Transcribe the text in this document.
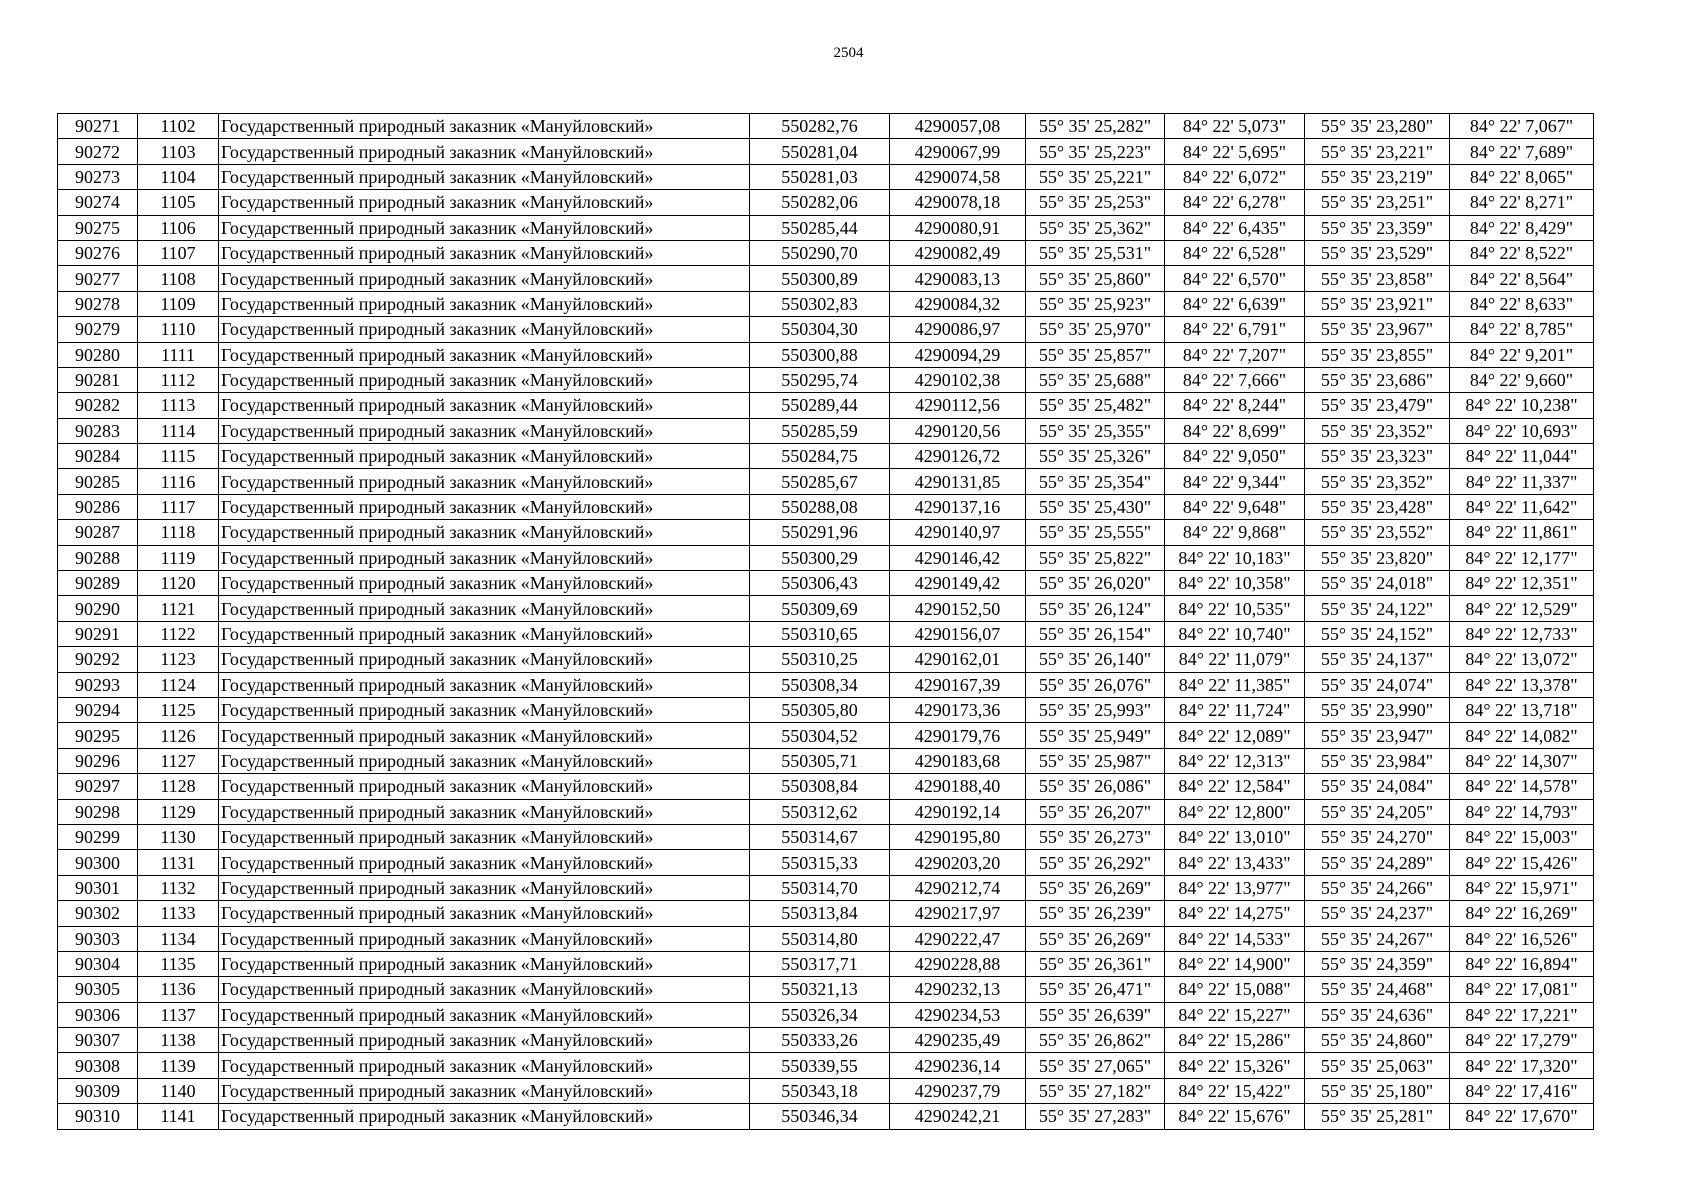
2504
90271	1102	Государственный природный заказник «Мануйловский»	550282,76	4290057,08	55° 35' 25,282"	84° 22' 5,073"	55° 35' 23,280"	84° 22' 7,067"
90272	1103	Государственный природный заказник «Мануйловский»	550281,04	4290067,99	55° 35' 25,223"	84° 22' 5,695"	55° 35' 23,221"	84° 22' 7,689"
90273	1104	Государственный природный заказник «Мануйловский»	550281,03	4290074,58	55° 35' 25,221"	84° 22' 6,072"	55° 35' 23,219"	84° 22' 8,065"
90274	1105	Государственный природный заказник «Мануйловский»	550282,06	4290078,18	55° 35' 25,253"	84° 22' 6,278"	55° 35' 23,251"	84° 22' 8,271"
90275	1106	Государственный природный заказник «Мануйловский»	550285,44	4290080,91	55° 35' 25,362"	84° 22' 6,435"	55° 35' 23,359"	84° 22' 8,429"
90276	1107	Государственный природный заказник «Мануйловский»	550290,70	4290082,49	55° 35' 25,531"	84° 22' 6,528"	55° 35' 23,529"	84° 22' 8,522"
90277	1108	Государственный природный заказник «Мануйловский»	550300,89	4290083,13	55° 35' 25,860"	84° 22' 6,570"	55° 35' 23,858"	84° 22' 8,564"
90278	1109	Государственный природный заказник «Мануйловский»	550302,83	4290084,32	55° 35' 25,923"	84° 22' 6,639"	55° 35' 23,921"	84° 22' 8,633"
90279	1110	Государственный природный заказник «Мануйловский»	550304,30	4290086,97	55° 35' 25,970"	84° 22' 6,791"	55° 35' 23,967"	84° 22' 8,785"
90280	1111	Государственный природный заказник «Мануйловский»	550300,88	4290094,29	55° 35' 25,857"	84° 22' 7,207"	55° 35' 23,855"	84° 22' 9,201"
90281	1112	Государственный природный заказник «Мануйловский»	550295,74	4290102,38	55° 35' 25,688"	84° 22' 7,666"	55° 35' 23,686"	84° 22' 9,660"
90282	1113	Государственный природный заказник «Мануйловский»	550289,44	4290112,56	55° 35' 25,482"	84° 22' 8,244"	55° 35' 23,479"	84° 22' 10,238"
90283	1114	Государственный природный заказник «Мануйловский»	550285,59	4290120,56	55° 35' 25,355"	84° 22' 8,699"	55° 35' 23,352"	84° 22' 10,693"
90284	1115	Государственный природный заказник «Мануйловский»	550284,75	4290126,72	55° 35' 25,326"	84° 22' 9,050"	55° 35' 23,323"	84° 22' 11,044"
90285	1116	Государственный природный заказник «Мануйловский»	550285,67	4290131,85	55° 35' 25,354"	84° 22' 9,344"	55° 35' 23,352"	84° 22' 11,337"
90286	1117	Государственный природный заказник «Мануйловский»	550288,08	4290137,16	55° 35' 25,430"	84° 22' 9,648"	55° 35' 23,428"	84° 22' 11,642"
90287	1118	Государственный природный заказник «Мануйловский»	550291,96	4290140,97	55° 35' 25,555"	84° 22' 9,868"	55° 35' 23,552"	84° 22' 11,861"
90288	1119	Государственный природный заказник «Мануйловский»	550300,29	4290146,42	55° 35' 25,822"	84° 22' 10,183"	55° 35' 23,820"	84° 22' 12,177"
90289	1120	Государственный природный заказник «Мануйловский»	550306,43	4290149,42	55° 35' 26,020"	84° 22' 10,358"	55° 35' 24,018"	84° 22' 12,351"
90290	1121	Государственный природный заказник «Мануйловский»	550309,69	4290152,50	55° 35' 26,124"	84° 22' 10,535"	55° 35' 24,122"	84° 22' 12,529"
90291	1122	Государственный природный заказник «Мануйловский»	550310,65	4290156,07	55° 35' 26,154"	84° 22' 10,740"	55° 35' 24,152"	84° 22' 12,733"
90292	1123	Государственный природный заказник «Мануйловский»	550310,25	4290162,01	55° 35' 26,140"	84° 22' 11,079"	55° 35' 24,137"	84° 22' 13,072"
90293	1124	Государственный природный заказник «Мануйловский»	550308,34	4290167,39	55° 35' 26,076"	84° 22' 11,385"	55° 35' 24,074"	84° 22' 13,378"
90294	1125	Государственный природный заказник «Мануйловский»	550305,80	4290173,36	55° 35' 25,993"	84° 22' 11,724"	55° 35' 23,990"	84° 22' 13,718"
90295	1126	Государственный природный заказник «Мануйловский»	550304,52	4290179,76	55° 35' 25,949"	84° 22' 12,089"	55° 35' 23,947"	84° 22' 14,082"
90296	1127	Государственный природный заказник «Мануйловский»	550305,71	4290183,68	55° 35' 25,987"	84° 22' 12,313"	55° 35' 23,984"	84° 22' 14,307"
90297	1128	Государственный природный заказник «Мануйловский»	550308,84	4290188,40	55° 35' 26,086"	84° 22' 12,584"	55° 35' 24,084"	84° 22' 14,578"
90298	1129	Государственный природный заказник «Мануйловский»	550312,62	4290192,14	55° 35' 26,207"	84° 22' 12,800"	55° 35' 24,205"	84° 22' 14,793"
90299	1130	Государственный природный заказник «Мануйловский»	550314,67	4290195,80	55° 35' 26,273"	84° 22' 13,010"	55° 35' 24,270"	84° 22' 15,003"
90300	1131	Государственный природный заказник «Мануйловский»	550315,33	4290203,20	55° 35' 26,292"	84° 22' 13,433"	55° 35' 24,289"	84° 22' 15,426"
90301	1132	Государственный природный заказник «Мануйловский»	550314,70	4290212,74	55° 35' 26,269"	84° 22' 13,977"	55° 35' 24,266"	84° 22' 15,971"
90302	1133	Государственный природный заказник «Мануйловский»	550313,84	4290217,97	55° 35' 26,239"	84° 22' 14,275"	55° 35' 24,237"	84° 22' 16,269"
90303	1134	Государственный природный заказник «Мануйловский»	550314,80	4290222,47	55° 35' 26,269"	84° 22' 14,533"	55° 35' 24,267"	84° 22' 16,526"
90304	1135	Государственный природный заказник «Мануйловский»	550317,71	4290228,88	55° 35' 26,361"	84° 22' 14,900"	55° 35' 24,359"	84° 22' 16,894"
90305	1136	Государственный природный заказник «Мануйловский»	550321,13	4290232,13	55° 35' 26,471"	84° 22' 15,088"	55° 35' 24,468"	84° 22' 17,081"
90306	1137	Государственный природный заказник «Мануйловский»	550326,34	4290234,53	55° 35' 26,639"	84° 22' 15,227"	55° 35' 24,636"	84° 22' 17,221"
90307	1138	Государственный природный заказник «Мануйловский»	550333,26	4290235,49	55° 35' 26,862"	84° 22' 15,286"	55° 35' 24,860"	84° 22' 17,279"
90308	1139	Государственный природный заказник «Мануйловский»	550339,55	4290236,14	55° 35' 27,065"	84° 22' 15,326"	55° 35' 25,063"	84° 22' 17,320"
90309	1140	Государственный природный заказник «Мануйловский»	550343,18	4290237,79	55° 35' 27,182"	84° 22' 15,422"	55° 35' 25,180"	84° 22' 17,416"
90310	1141	Государственный природный заказник «Мануйловский»	550346,34	4290242,21	55° 35' 27,283"	84° 22' 15,676"	55° 35' 25,281"	84° 22' 17,670"
